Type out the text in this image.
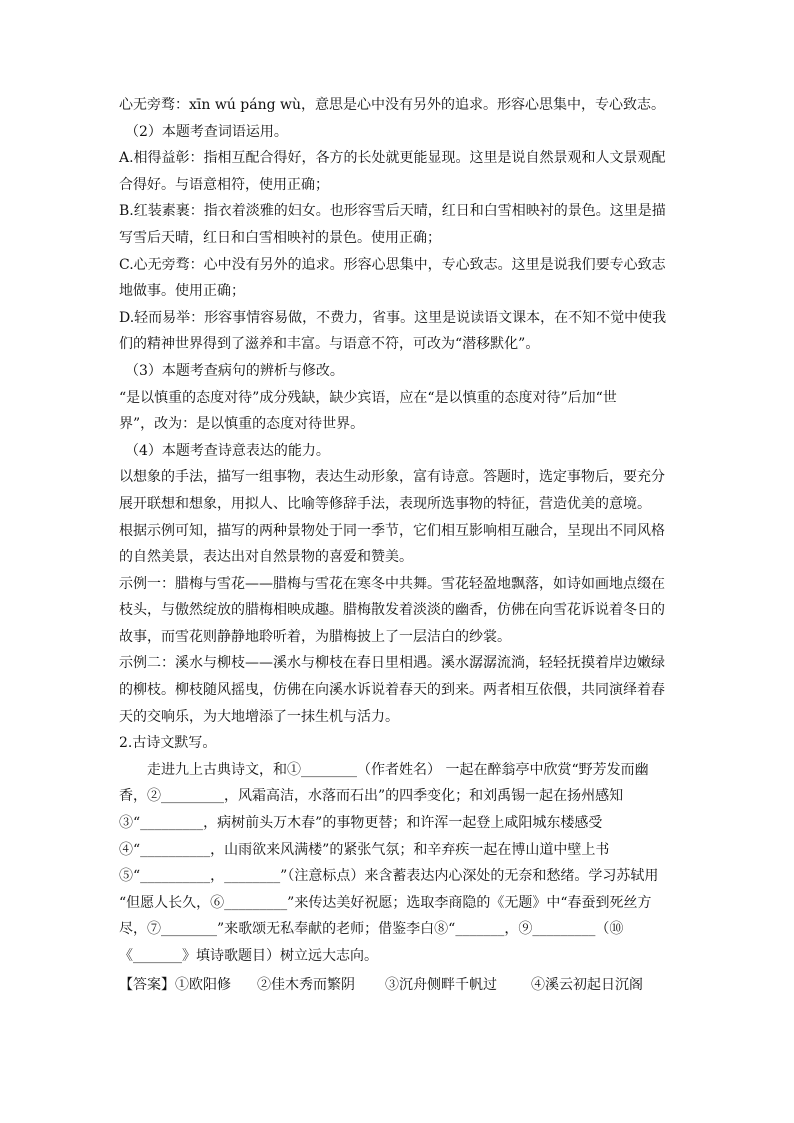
心无旁骛：xīn wú páng wù，意思是心中没有另外的追求。形容心思集中，专心致志。
（2）本题考查词语运用。
A.相得益彰：指相互配合得好，各方的长处就更能显现。这里是说自然景观和人文景观配
合得好。与语意相符，使用正确；
B.红装素裹：指衣着淡雅的妇女。也形容雪后天晴，红日和白雪相映衬的景色。这里是描
写雪后天晴，红日和白雪相映衬的景色。使用正确；
C.心无旁骛：心中没有另外的追求。形容心思集中，专心致志。这里是说我们要专心致志
地做事。使用正确；
D.轻而易举：形容事情容易做，不费力，省事。这里是说读语文课本，在不知不觉中使我
们的精神世界得到了滋养和丰富。与语意不符，可改为“潜移默化”。
（3）本题考查病句的辨析与修改。
“是以慎重的态度对待”成分残缺，缺少宾语，应在“是以慎重的态度对待”后加“世
界”，改为：是以慎重的态度对待世界。
（4）本题考查诗意表达的能力。
以想象的手法，描写一组事物，表达生动形象，富有诗意。答题时，选定事物后，要充分
展开联想和想象，用拟人、比喻等修辞手法，表现所选事物的特征，营造优美的意境。
根据示例可知，描写的两种景物处于同一季节，它们相互影响相互融合，呈现出不同风格
的自然美景，表达出对自然景物的喜爱和赞美。
示例一：腊梅与雪花——腊梅与雪花在寒冬中共舞。雪花轻盈地飘落，如诗如画地点缀在
枝头，与傲然绽放的腊梅相映成趣。腊梅散发着淡淡的幽香，仿佛在向雪花诉说着冬日的
故事，而雪花则静静地聆听着，为腊梅披上了一层洁白的纱裳。
示例二：溪水与柳枝——溪水与柳枝在春日里相遇。溪水潺潺流淌，轻轻抚摸着岸边嫩绿
的柳枝。柳枝随风摇曳，仿佛在向溪水诉说着春天的到来。两者相互依偎，共同演绎着春
天的交响乐，为大地增添了一抹生机与活力。
2.古诗文默写。
走进九上古典诗文，和①________（作者姓名） 一起在醉翁亭中欣赏“野芳发而幽
香，②_________，风霜高洁，水落而石出”的四季变化；和刘禹锡一起在扬州感知
③“_________，病树前头万木春”的事物更替；和许浑一起登上咸阳城东楼感受
④“__________，山雨欲来风满楼”的紧张气氛；和辛弃疾一起在博山道中壁上书
⑤“__________，________”（注意标点）来含蓄表达内心深处的无奈和愁绪。学习苏轼用
“但愿人长久，⑥_________”来传达美好祝愿；选取李商隐的《无题》中“春蚕到死丝方
尽，⑦________”来歌颂无私奉献的老师；借鉴李白⑧“_______，⑨_________（⑩
《_______》填诗歌题目）树立远大志向。
【答案】①欧阳修 ②佳木秀而繁阴 ③沉舟侧畔千帆过 ④溪云初起日沉阁
